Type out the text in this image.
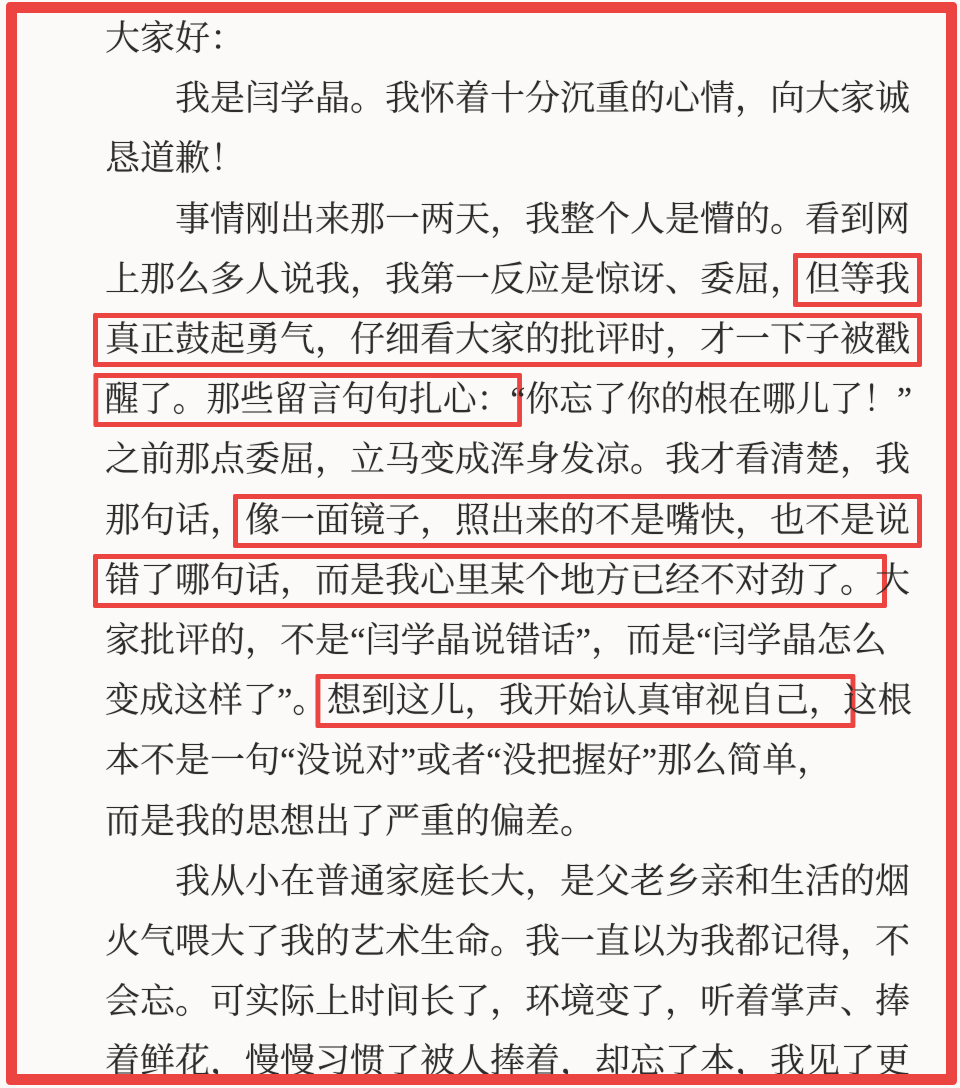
大家好：
我是闫学晶。我怀着十分沉重的心情，向大家诚
恳道歉！
事情刚出来那一两天，我整个人是懵的。看到网
上那么多人说我，我第一反应是惊讶、委屈， 但等我
真正鼓起勇气，仔细看大家的批评时，才一下子被戳
醒了。那些留言句句扎心： “你忘了你的根在哪儿了！”
之前那点委屈，立马变成浑身发凉。我才看清楚，我
那句话， 像一面镜子，照出来的不是嘴快，也不是说
错了哪句话，而是我心里某个地方已经不对劲了。 大
家批评的，不是“闫学晶说错话”，而是“闫学晶怎么
变成这样了”。 想到这儿，我开始认真审视自己， 这根
本不是一句“没说对”或者“没把握好”那么简单，
而是我的思想出了严重的偏差。
我从小在普通家庭长大，是父老乡亲和生活的烟
火气喂大了我的艺术生命。我一直以为我都记得，不
会忘。可实际上时间长了，环境变了，听着掌声、捧
着鲜花，慢慢习惯了被人捧着，却忘了本，我见了更
